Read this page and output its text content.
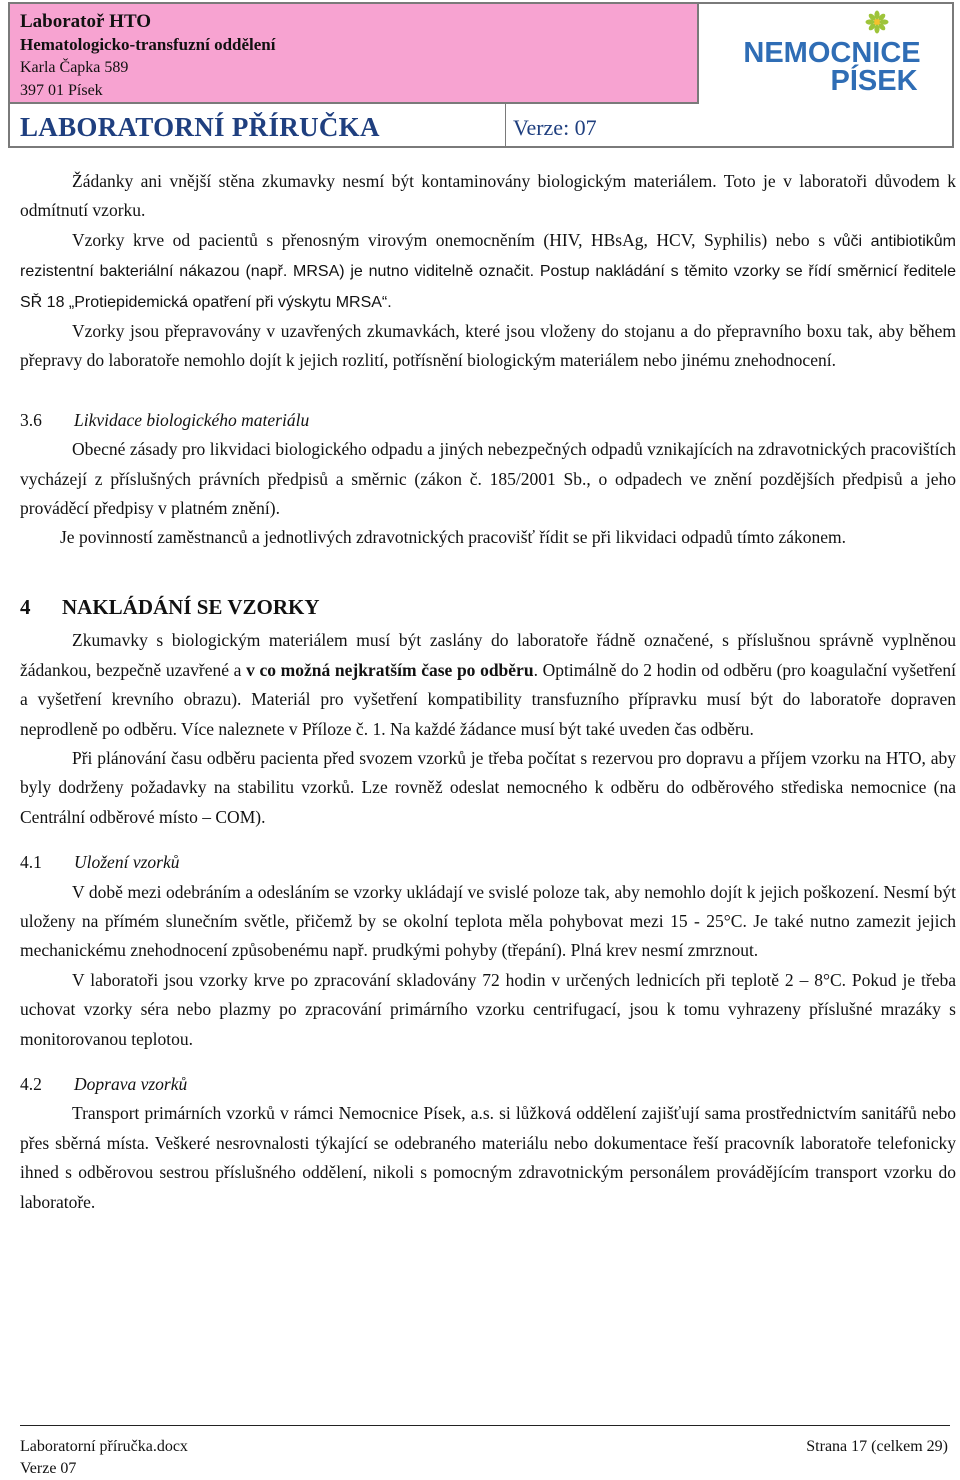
Laboratoř HTO
Hematologicko-transfuzní oddělení
Karla Čapka 589
397 01 Písek
NEMOCNICE
PÍSEK
LABORATORNÍ PŘÍRUČKA	Verze: 07

Žádanky ani vnější stěna zkumavky nesmí být kontaminovány biologickým materiálem. Toto je v laboratoři důvodem k odmítnutí vzorku.

Vzorky krve od pacientů s přenosným virovým onemocněním (HIV, HBsAg, HCV, Syphilis) nebo s vůči antibiotikům rezistentní bakteriální nákazou (např. MRSA) je nutno viditelně označit. Postup nakládání s těmito vzorky se řídí směrnicí ředitele SŘ 18 „Protiepidemická opatření při výskytu MRSA“.

Vzorky jsou přepravovány v uzavřených zkumavkách, které jsou vloženy do stojanu a do přepravního boxu tak, aby během přepravy do laboratoře nemohlo dojít k jejich rozlití, potřísnění biologickým materiálem nebo jinému znehodnocení.

3.6 Likvidace biologického materiálu

Obecné zásady pro likvidaci biologického odpadu a jiných nebezpečných odpadů vznikajících na zdravotnických pracovištích vycházejí z příslušných právních předpisů a směrnic (zákon č. 185/2001 Sb., o odpadech ve znění pozdějších předpisů a jeho prováděcí předpisy v platném znění).

Je povinností zaměstnanců a jednotlivých zdravotnických pracovišť řídit se při likvidaci odpadů tímto zákonem.

4 NAKLÁDÁNÍ SE VZORKY

Zkumavky s biologickým materiálem musí být zaslány do laboratoře řádně označené, s příslušnou správně vyplněnou žádankou, bezpečně uzavřené a v co možná nejkratším čase po odběru. Optimálně do 2 hodin od odběru (pro koagulační vyšetření a vyšetření krevního obrazu). Materiál pro vyšetření kompatibility transfuzního přípravku musí být do laboratoře dopraven neprodleně po odběru. Více naleznete v Příloze č. 1. Na každé žádance musí být také uveden čas odběru.

Při plánování času odběru pacienta před svozem vzorků je třeba počítat s rezervou pro dopravu a příjem vzorku na HTO, aby byly dodrženy požadavky na stabilitu vzorků. Lze rovněž odeslat nemocného k odběru do odběrového střediska nemocnice (na Centrální odběrové místo – COM).

4.1 Uložení vzorků

V době mezi odebráním a odesláním se vzorky ukládají ve svislé poloze tak, aby nemohlo dojít k jejich poškození. Nesmí být uloženy na přímém slunečním světle, přičemž by se okolní teplota měla pohybovat mezi 15 - 25°C. Je také nutno zamezit jejich mechanickému znehodnocení způsobenému např. prudkými pohyby (třepání). Plná krev nesmí zmrznout.

V laboratoři jsou vzorky krve po zpracování skladovány 72 hodin v určených lednicích při teplotě 2 – 8°C. Pokud je třeba uchovat vzorky séra nebo plazmy po zpracování primárního vzorku centrifugací, jsou k tomu vyhrazeny příslušné mrazáky s monitorovanou teplotou.

4.2 Doprava vzorků

Transport primárních vzorků v rámci Nemocnice Písek, a.s. si lůžková oddělení zajišťují sama prostřednictvím sanitářů nebo přes sběrná místa. Veškeré nesrovnalosti týkající se odebraného materiálu nebo dokumentace řeší pracovník laboratoře telefonicky ihned s odběrovou sestrou příslušného oddělení, nikoli s pomocným zdravotnickým personálem provádějícím transport vzorku do laboratoře.

Laboratorní příručka.docx
Verze 07
Strana 17 (celkem 29)
